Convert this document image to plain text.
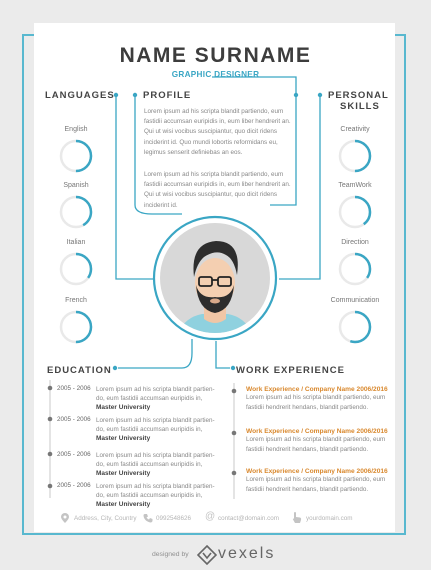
NAME SURNAME
GRAPHIC DESIGNER
LANGUAGES	PROFILE	PERSONAL
SKILLS
EDUCATION	WORK EXPERIENCE
Lorem ipsum ad his scripta blandit partiendo, eum
fastidii accumsan euripidis in, eum liber hendrerit an.
Qui ut wisi vocibus suscipiantur, quo dicit ridens
inciderint id. Quo mundi lobortis reformidans eu,
legimus senserit definiebas an eos.
Lorem ipsum ad his scripta blandit partiendo, eum
fastidii accumsan euripidis in, eum liber hendrerit an.
Qui ut wisi vocibus suscipiantur, quo dicit ridens
inciderint id.
English
Spanish
Italian
French
Creativity
TeamWork
Direction
Communication
2005 - 2006 Lorem ipsum ad his scripta blandit partien-
do, eum fastidii accumsan euripidis in,
Master University
2005 - 2006 Lorem ipsum ad his scripta blandit partien-
do, eum fastidii accumsan euripidis in,
Master University
2005 - 2006 Lorem ipsum ad his scripta blandit partien-
do, eum fastidii accumsan euripidis in,
Master University
2005 - 2006 Lorem ipsum ad his scripta blandit partien-
do, eum fastidii accumsan euripidis in,
Master University
Work Experience / Company Name 2006/2016
Lorem ipsum ad his scripta blandit partiendo, eum
fastidii hendrerit hendans, blandit partiendo.
Work Experience / Company Name 2006/2016
Lorem ipsum ad his scripta blandit partiendo, eum
fastidii hendrerit hendans, blandit partiendo.
Work Experience / Company Name 2006/2016
Lorem ipsum ad his scripta blandit partiendo, eum
fastidii hendrerit hendans, blandit partiendo.
Address, City, Country	0992548626 @ contact@domain.com	yourdomain.com
designed by vexels
